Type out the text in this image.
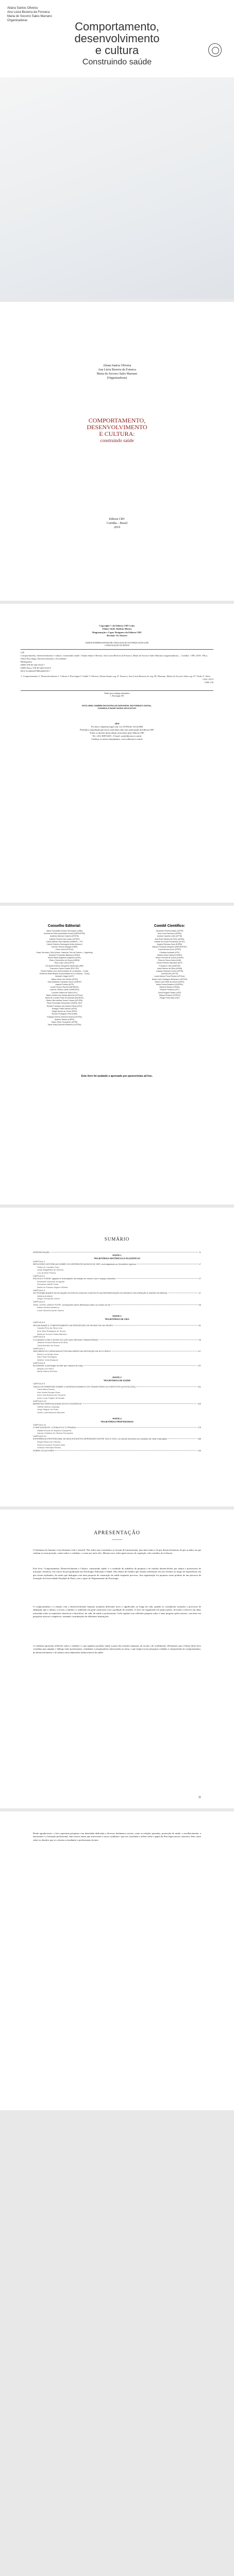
Aliana Santos Oliveira
Ana Lúcia Bezerra da Fonseca
Maria do Socorro Sales Marrano
Organizadoras	Comportamento,
desenvolvimento
e cultura
Construindo saúde
Aliana Santos Oliveira
Ana Lúcia Bezerra da Fonseca
Maria do Socorro Sales Marrano
(Organizadoras)
COMPORTAMENTO,
DESENVOLVIMENTO
E CULTURA:
construindo saúde
Editora CRV
Curitiba – Brasil
2019
Copyright © da Editora CRV Ltda.
Editor-chefe: Railson Moura
Diagramação e Capa: Designers da Editora CRV
Revisão: Os Autores
DADOS INTERNACIONAIS DE CATALOGAÇÃO NA PUBLICAÇÃO (CIP)
CATALOGAÇÃO NA FONTE
CIP
Comportamento, desenvolvimento e cultura: construindo saúde / Aliana Santos Oliveira, Ana Lúcia Bezerra da Fonseca, Maria do Socorro Sales Marrano (organizadoras). – Curitiba : CRV, 2019. 196 p. (Série Psicologia, Desenvolvimento e Sociedade)
Bibliografia
ISBN 978-85-444-3533-7
ISBN Físico 978-85-444-3532-0
DOI 10.24824/978854443533.7
1. Comportamento 2. Desenvolvimento 3. Cultura 4. Psicologia 5. Saúde I. Oliveira, Aliana Santos org. II. Fonseca, Ana Lúcia Bezerra da. org. III. Marrano, Maria do Socorro Sales org. IV. Título V. Série.
CDU 159.9
CDD 150
Índice para catálogo sistemático
1. Psicologia 150
ESTA OBRA TAMBÉM ENCONTRA-SE DISPONÍVEL EM FORMATO DIGITAL.
CONHEÇA E BAIXE NOSSO APLICATIVO!
2019
Foi feito o depósito legal conf. Lei 10.994 de 14/12/2004
Proibida a reprodução parcial ou total desta obra sem autorização da Editora CRV
Todos os direitos desta edição reservados pela: Editora CRV
Tel.: (41) 3039-6418 – E-mail: sac@editoracrv.com.br
Conheça os nossos lançamentos: www.editoracrv.com.br
Conselho Editorial:
Aldira Guimarães Duarte Domínguez (UNB)
Andréia da Silva Quintanilha Sousa (UNIR/UFRN)
Anselmo Alencar Colares (UFOPA)
Antônio Pereira Gaio Júnior (UFRRJ)
Carlos Alberto Vilar Estêvão (UMINHO – PT)
Carlos Federico Dominguez Avila (Unieuro)
Carmen Tereza Velanga (UNIR)
Celso Conti (UFSCar)
Cesar Gerónimo Tello (Univer. Nacional Três de Febrero – Argentina)
Eduardo Fernandes Barbosa (UFMG)
Elione Maria Nogueira Diogenes (UFAL)
Elizeu Clementino de Souza (UNEB)
Élsio José Corá (UFFS)
Fernando Antônio Gonçalves Alcoforado (IPB)
Francisco Carlos Duarte (PUC-PR)
Gloria Fariñas León (Universidade de La Havana – Cuba)
Guillermo Arias Beatón (Universidade de La Havana – Cuba)
Helmuth Krüger (UCP)
Jailson Alves dos Santos (UFRJ)
João Adalberto Campato Junior (UNESP)
Josania Portela (UFPI)
Leonel Severo Rocha (UNISINOS)
Lídia de Oliveira Xavier (UNIEURO)
Lourdes Helena da Silva (UFV)
Maria Cristina dos Santos Bezerra (UFSCar)
Maria de Lourdes Pinto de Almeida (UNOESC)
Maria Lília Imbiriba Sousa Colares (UFOPA)
Paulo Romualdo Hernandes (UNIFAL-MG)
Renato Francisco dos Santos Paula (UFG)
Rodrigo Pratte-Santos (UFES)
Sérgio Nunes de Jesus (IFRO)
Simone Rodrigues Pinto (UNB)
Solange Helena Ximenes-Rocha (UFOPA)
Sydione Santos (UEPG)
Tadeu Oliver Gonçalves (UFPA)
Tania Suely Azevedo Brasileiro (UFOPA)
Comitê Científico:
Alexandre Pereira Basso (UFPR)
Ana Lucia Francisco (UERN)
Andrea Caroline Leite (UFTM)
Ana Sueli Teixeira de Pinho (UFBA)
Anelise de Souza Fernandes (UFSC)
Angela Pedrosa Goes (ESPM)
Bianca Fernanda Zampieri (UNICENTRO)
Carla Moreira Koch (UFPR)
Cristiane Andrade (UFV)
Darlene Alves Santos (UFMG)
Edson Ferreira de Souza (UFMG)
Elisa de Souza Dutra (UnB)
Flávia Pinheiro Machado (UFF)
Francisco Leite (UNIFOR)
Iolete Ribeiro da Silva (UFAM)
Joaquim Barbosa Cunha (UFPB)
Julia Bucher (UFCE)
Lucia Helena Pena Pereira (UFSCar)
Maria Lucia Castagna Wortmann (UFRGS)
Maria Lucia Seidl-de-Moura (UERJ)
Maria Teresa Anselmo (UNIFRA)
Marlene Montes (UFAM)
Ricardo Fonseca (UFV)
Sonia Regina Pasian (USP)
Tatiana Piccinini (UFRGS)
Thiago Petra Dias (USF)
Este livro foi avaliado e aprovado por pareceristas ad hoc.
SUMÁRIO
APRESENTAÇÃO	11
PARTE 1
TRAJETÓRIAS HISTÓRICAS E FILOSÓFICAS
CAPÍTULO 1
REFLEXÕES HISTÓRICAS SOBRE OS DIFERENTES MODOS DE SER: da Antiguidade ao Hemisfério Ingênuo	17
Felipe de Carvalho Faro
Jorge Magalhães de Oliveira
Luiz de Belo Pereira
CAPÍTULO 2
ESCOLA E POSSE: ligações e articulações da relação de vínculo com o espaço educativo	27
Rosimarie Sobrinho de Aguiar
Romarson Adolff Cesar
Marta do Pazinho Angelo Oliveira
CAPÍTULO 3
AS POSSIBILIDADES DE ATUAÇÃO DA PSICOLOGIA NO CONTEXTO DA REORIENTAÇÃO DO MODELO DE ATENÇÃO À SAÚDE NO BRASIL	47
Adriana Andrade
Sérgio Fernandes Gentil
CAPÍTULO 4
"DOU, COTEI, LIDEI E FOTEI": percepções sobre diferenças sobre os modos de ser	65
Rafael Santos Medeiros
Laura Teixeira Duarte Santos
PARTE 2
TRAJETÓRIAS DE VIDA
CAPÍTULO 5
SEXUALIDADE E COMPORTAMENTO NA PERCEPÇÃO DE IDOSAS DE UM GRUPO	81
Claudia Pinto da Silva Lima
Ione Silva Rodrigues de Souza
Maria do Socorro Sales Marrano
CAPÍTULO 6
O CUIDADO COM O IDOSO DO USO DAS DROGAS TRANSITÓRIAS	99
Josiane Ferreira Bezerra da Silva
Tânia Mendes de Sousa
CAPÍTULO 7
SENTIMENTOS VIVENCIADOS POR MULHERES NA GESTAÇÃO DE ALTO RISCO	117
Maria Luci Araújo Sena
Nara Teles Rodrigues
Adilene Carla Marques
CAPÍTULO 8
BLOGMOM: a psicologia da mãe que nascera do blog	137
Mayrta Lins Vieira
Maria Santos Pinheiro
PARTE 3
TRAJETÓRIAS DE SAÚDE
CAPÍTULO 9
VÍNCULOS PARENTAIS SOBRE O DESENVOLVIMENTO DO TRANSTORNO DO ESPECTRO AUTISTA (TEA)	151
Clara Maria Santos
Ana Janete Borges Ruas
Ana Lúcia Bezerra da Fonseca
Anne Lucia Trajano de Morais
CAPÍTULO 10
BARRETAS PARENTALIDADE ATIVO E EVERSOCE	163
Valéria Santos Camargo
Jorge Wagner de Dodo
Sonia Lucia Barcelos Mombra
PARTE 4
TRAJETÓRIAS PROFISSIONAIS
CAPÍTULO 11
O SER DOCENTE: O PÚBLICO E O PRIVADO	175
Natália Rocha de Siqueira Gonçalves
Izamar Cristiane de Oliveira Fernandes
CAPÍTULO 12
EXPERIÊNCIA PROFISSIONAL DE ADOLESCENTES APRENDIZES ENTRE 2014 E 2019, um estudo descritivo da condição de estar empregado	185
Eliege Ribeiro de Oliveira
Helena Suzanne Ferreira Neto
Gustavo Henrique Ramos
SOBRE OS AUTORES	193
APRESENTAÇÃO
O fenômeno do humano é um elemento vital e sensível. Nós todos mas concluímos as forçam de lurtuosmente, para lutar mãos e de que desenvolvimento de que as mãos no que sonham se torna posição, contra sobre o cotidiano, e como por meio eles. Mesmo novo sobre gente nossos de cogitação e dos sentidos de vivências.
Este livro, Comportamento, Desenvolvimento e Cultura: construindo saúde, é o resultado de trabalhos de pesquisa e de estudos desenvolvidos por alunos e professores de iniciação científica, em cursos de pós-graduação em Psicologia, Educação e Saúde. São relatos de estudos que tornam referências em sua vertente ao longo de experiências em que foram realizados, de modo que dialogam com uma proposta de construção da saúde enquanto processo. Sua organização foi proposta como produto de um percurso de formação da Universidade Estadual do Piauí, com o apoio do Departamento de Psicologia.
O comportamento e a relação com o desenvolvimento humano assumem diferentes faces e significados ao longo da vida, quando se consideram variações e processos de adaptação que a cultura, a escola, a família e o ambiente em geral constroem com a produção de sentidos. O livro foi organizado em quatro partes, de modo a oferecer um olhar articulado sobre as trajetórias: históricas e filosóficas, de vida, de saúde e profissionais. Cada capítulo traz reflexões próprias sobre o tema proposto pelos autores, com base em pesquisas teóricas e empíricas, reunindo contribuições de diferentes instituições.
A coletânea apresenta reflexões sobre o cuidado e o que significa produzir saúde a partir das relações humanas, da escuta e do acolhimento. Desejamos que a leitura deste livro contribua para ampliar o diálogo entre profissionais, estudantes e pesquisadores interessados no tema, e que inspire novas pesquisas voltadas à compreensão do comportamento, do desenvolvimento e da cultura como dimensões indissociáveis da saúde.
11
Desde agradecemos: o livro apresenta pesquisas com densidade dedicadas a diversos fenômenos sociais, como as relações parentais, promoção de saúde, o envelhecimento, a autonomia e a formação profissional, entre outros temas que atravessam o nosso cotidiano e que nos convidam a refletir sobre o papel da Psicologia nesses contextos, bem como sobre os desafios que se colocam a estudantes e profissionais da área.
